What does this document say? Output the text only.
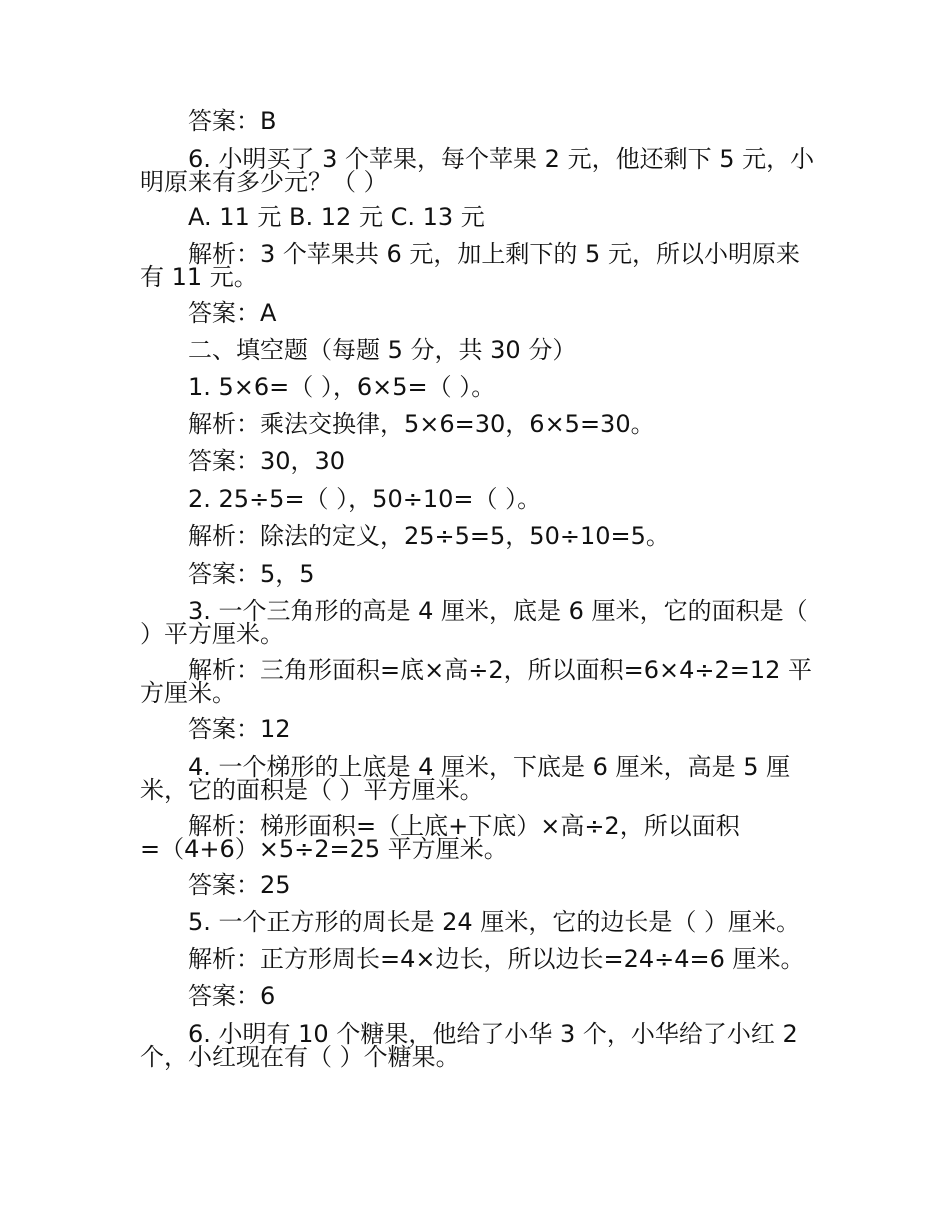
答案：B
6. 小明买了 3 个苹果，每个苹果 2 元，他还剩下 5 元，小
明原来有多少元？（ ）
A. 11 元 B. 12 元 C. 13 元
解析：3 个苹果共 6 元，加上剩下的 5 元，所以小明原来
有 11 元。
答案：A
二、填空题（每题 5 分，共 30 分）
1. 5×6=（ ），6×5=（ ）。
解析：乘法交换律，5×6=30，6×5=30。
答案：30，30
2. 25÷5=（ ），50÷10=（ ）。
解析：除法的定义，25÷5=5，50÷10=5。
答案：5，5
3. 一个三角形的高是 4 厘米，底是 6 厘米，它的面积是（
）平方厘米。
解析：三角形面积=底×高÷2，所以面积=6×4÷2=12 平
方厘米。
答案：12
4. 一个梯形的上底是 4 厘米，下底是 6 厘米，高是 5 厘
米，它的面积是（ ）平方厘米。
解析：梯形面积=（上底+下底）×高÷2，所以面积
=（4+6）×5÷2=25 平方厘米。
答案：25
5. 一个正方形的周长是 24 厘米，它的边长是（ ）厘米。
解析：正方形周长=4×边长，所以边长=24÷4=6 厘米。
答案：6
6. 小明有 10 个糖果，他给了小华 3 个，小华给了小红 2
个，小红现在有（ ）个糖果。
